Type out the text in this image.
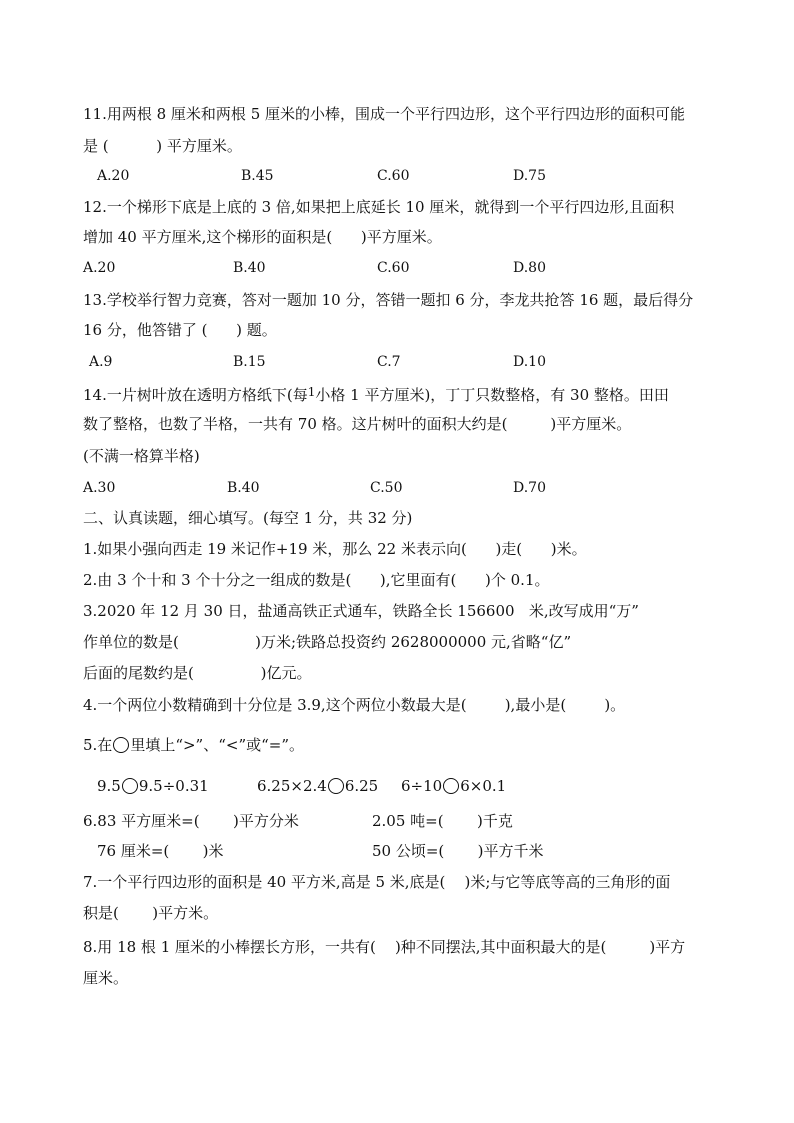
11.用两根 8 厘米和两根 5 厘米的小棒，围成一个平行四边形，这个平行四边形的面积可能
是 (          ) 平方厘米。
A.20	B.45	C.60	D.75
12.一个梯形下底是上底的 3 倍,如果把上底延长 10 厘米，就得到一个平行四边形,且面积
增加 40 平方厘米,这个梯形的面积是(      )平方厘米。
A.20	B.40	C.60	D.80
13.学校举行智力竞赛，答对一题加 10 分，答错一题扣 6 分，李龙共抢答 16 题，最后得分
16 分，他答错了 (      ) 题。
A.9	B.15	C.7	D.10
14.一片树叶放在透明方格纸下(每$^1$小格 1 平方厘米)，丁丁只数整格，有 30 整格。田田
数了整格，也数了半格，一共有 70 格。这片树叶的面积大约是(         )平方厘米。
(不满一格算半格)
A.30	B.40	C.50	D.70
二、认真读题，细心填写。(每空 1 分，共 32 分)
1.如果小强向西走 19 米记作+19 米，那么 22 米表示向(      )走(      )米。
2.由 3 个十和 3 个十分之一组成的数是(      ),它里面有(      )个 0.1。
3.2020 年 12 月 30 日，盐通高铁正式通车，铁路全长 156600   米,改写成用“万”
作单位的数是(                )万米;铁路总投资约 2628000000 元,省略“亿”
后面的尾数约是(              )亿元。
4.一个两位小数精确到十分位是 3.9,这个两位小数最大是(        ),最小是(        )。
5.在 里填上“>”、“<”或“=”。
9.5 9.5÷0.31	6.25×2.4 6.25 6÷10 6×0.1
6.83 平方厘米=(       )平方分米	2.05 吨=(       )千克
76 厘米=(       )米	50 公顷=(       )平方千米
7.一个平行四边形的面积是 40 平方米,高是 5 米,底是(    )米;与它等底等高的三角形的面
积是(       )平方米。
8.用 18 根 1 厘米的小棒摆长方形，一共有(    )种不同摆法,其中面积最大的是(         )平方
厘米。
